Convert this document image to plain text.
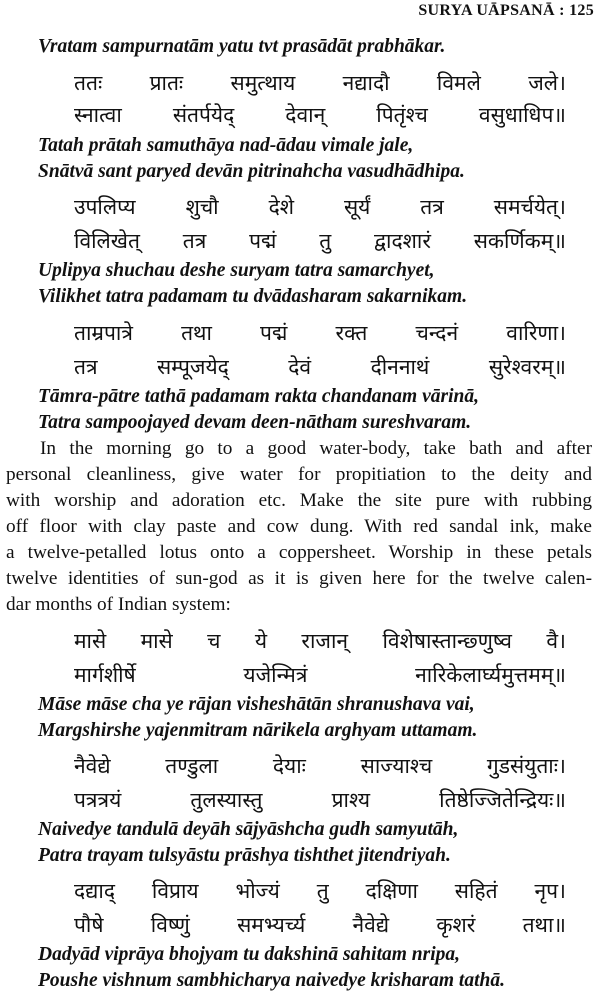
SURYA UĀPSANĀ : 125
Vratam sampurnatām yatu tvt prasādāt prabhākar.
ततः प्रातः समुत्थाय नद्यादौ विमले जले।
स्नात्वा संतर्पयेद् देवान् पितृंश्च वसुधाधिप॥
Tatah prātah samuthāya nad-ādau vimale jale,
Snātvā sant paryed devān pitrinahcha vasudhādhipa.
उपलिप्य शुचौ देशे सूर्यं तत्र समर्चयेत्।
विलिखेत् तत्र पद्मं तु द्वादशारं सकर्णिकम्॥
Uplipya shuchau deshe suryam tatra samarchyet,
Vilikhet tatra padamam tu dvādasharam sakarnikam.
ताम्रपात्रे तथा पद्मं रक्त चन्दनं वारिणा।
तत्र	सम्पूजयेद्	देवं	दीननाथं	सुरेश्वरम्॥
Tāmra-pātre tathā padamam rakta chandanam vārinā,
Tatra sampoojayed devam deen-nātham sureshvaram.
In the morning go to a good water-body, take bath and after
personal cleanliness, give water for propitiation to the deity and
with worship and adoration etc. Make the site pure with rubbing
off floor with clay paste and cow dung. With red sandal ink, make
a twelve-petalled lotus onto a coppersheet. Worship in these petals
twelve identities of sun-god as it is given here for the twelve calen-
dar months of Indian system:
मासे मासे च ये राजान् विशेषास्तान्छ्णुष्व वै।
मार्गशीर्षे	यजेन्मित्रं	नारिकेलार्घ्यमुत्तमम्॥
Māse māse cha ye rājan visheshātān shranushava vai,
Margshirshe yajenmitram nārikela arghyam uttamam.
नैवेद्ये	तण्डुला	देयाः	साज्याश्च	गुडसंयुताः।
पत्रत्रयं	तुलस्यास्तु	प्राश्य	तिष्ठेज्जितेन्द्रियः॥
Naivedye tandulā deyāh sājyāshcha gudh samyutāh,
Patra trayam tulsyāstu prāshya tishthet jitendriyah.
दद्याद् विप्राय भोज्यं तु दक्षिणा सहितं नृप।
पौषे विष्णुं समभ्यर्च्य नैवेद्ये कृशरं तथा॥
Dadyād viprāya bhojyam tu dakshinā sahitam nripa,
Poushe vishnum sambhicharya naivedye krisharam tathā.
